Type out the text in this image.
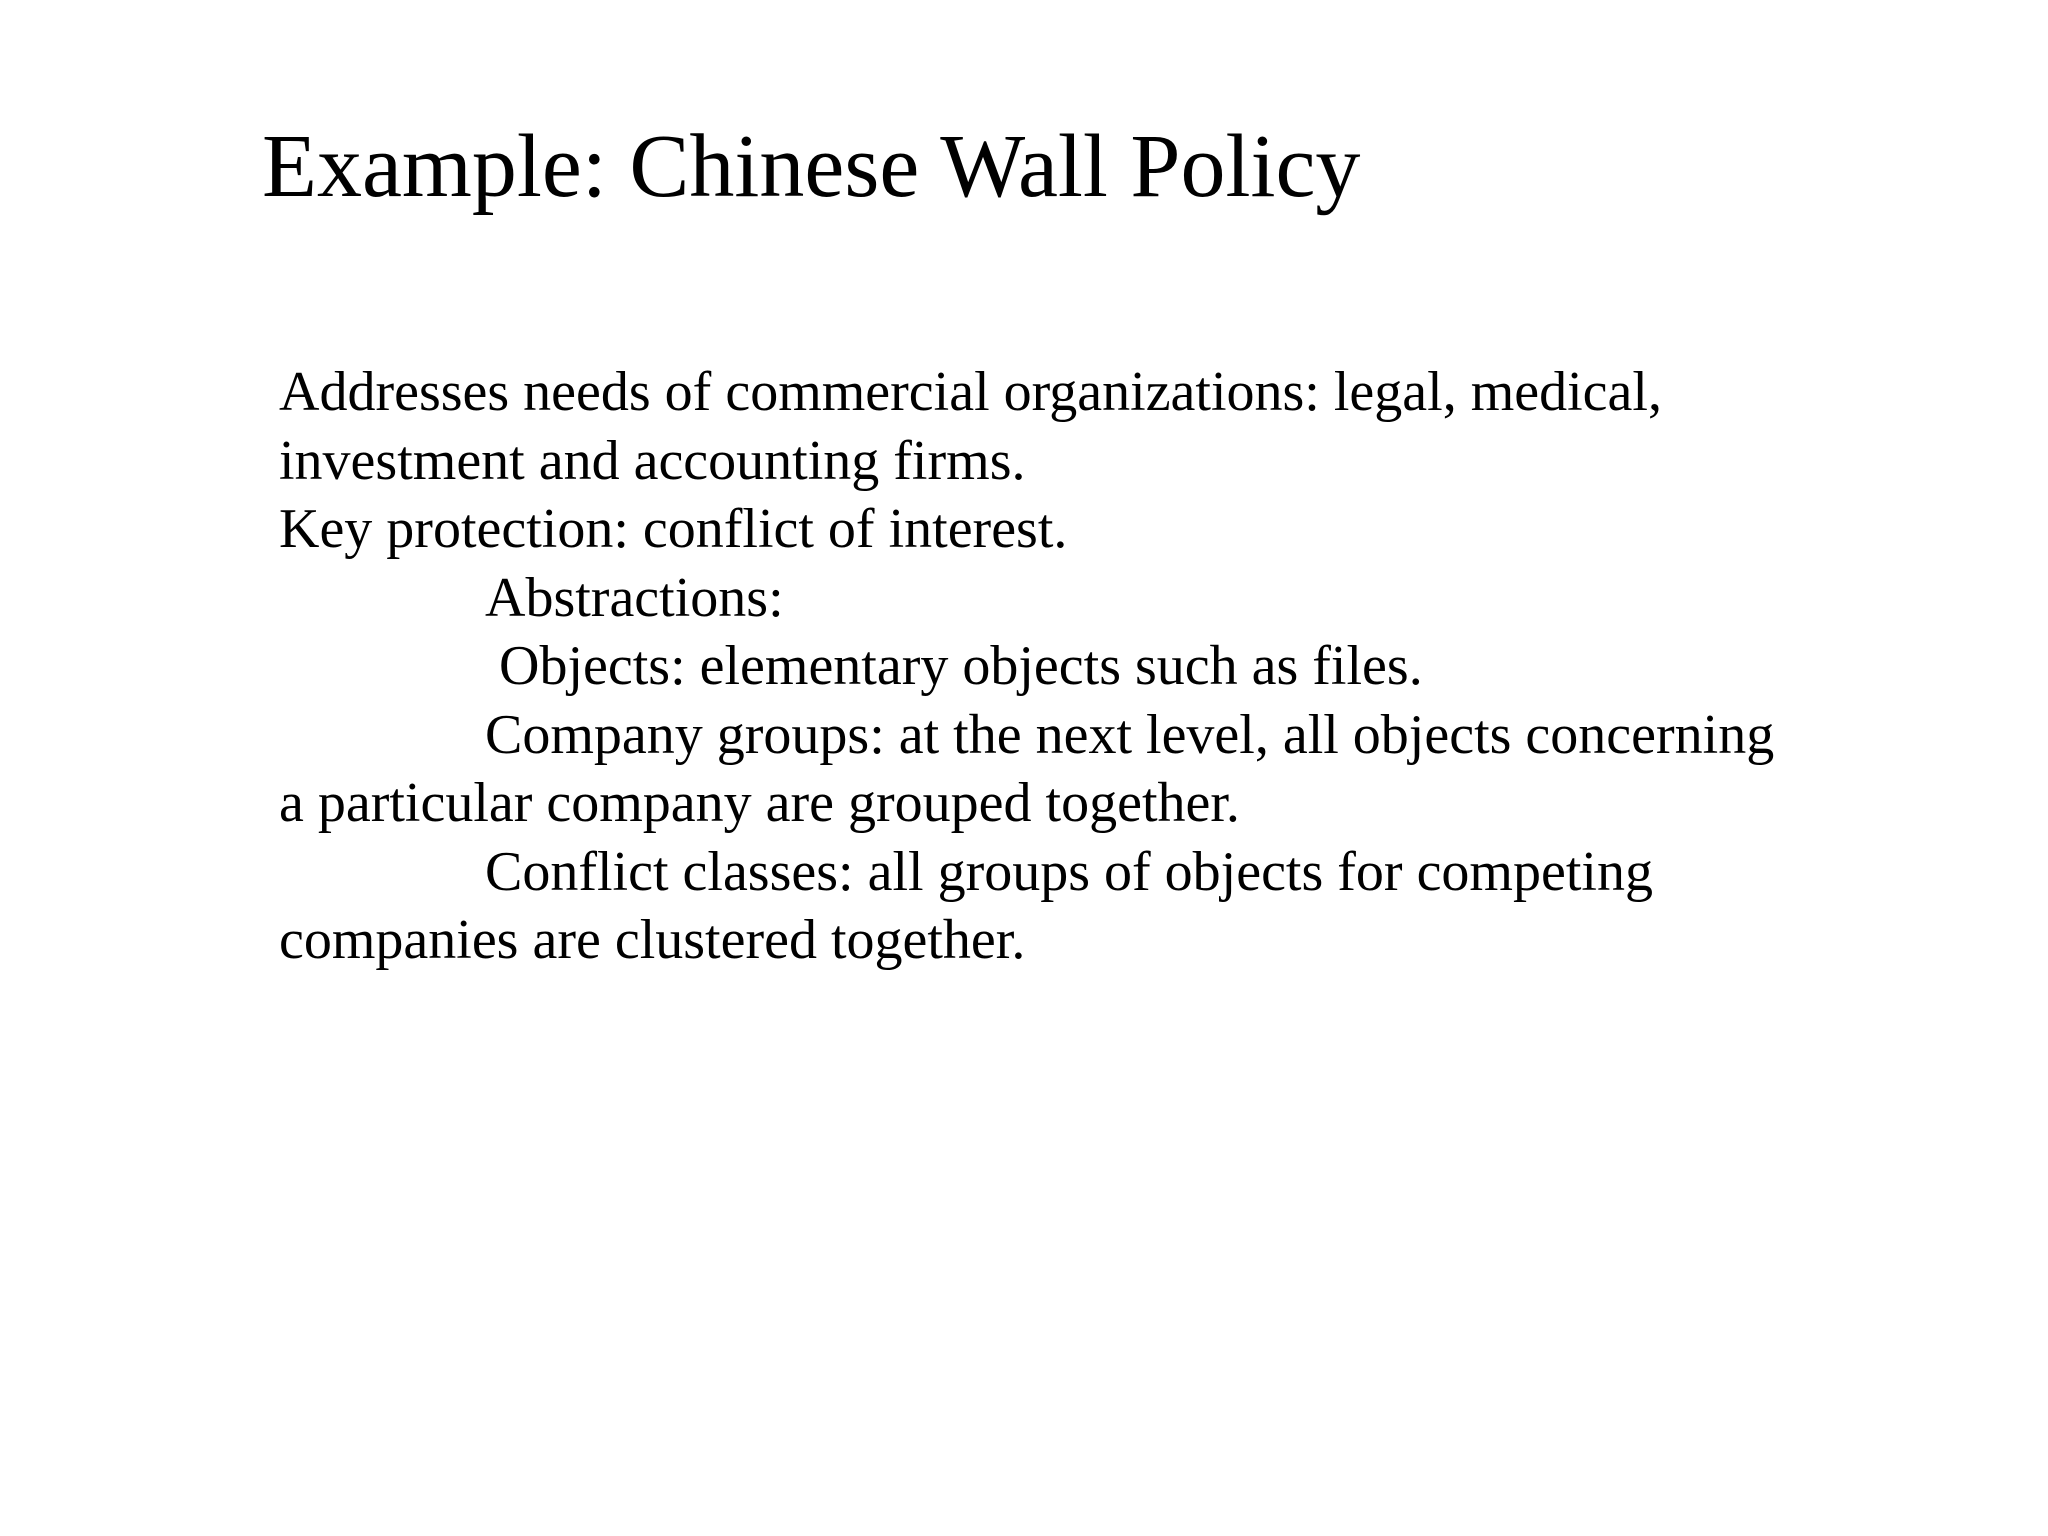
Example: Chinese Wall Policy
Addresses needs of commercial organizations: legal, medical,
investment and accounting firms.
Key protection: conflict of interest.
Abstractions:
Objects: elementary objects such as files.
Company groups: at the next level, all objects concerning
a particular company are grouped together.
Conflict classes: all groups of objects for competing
companies are clustered together.
